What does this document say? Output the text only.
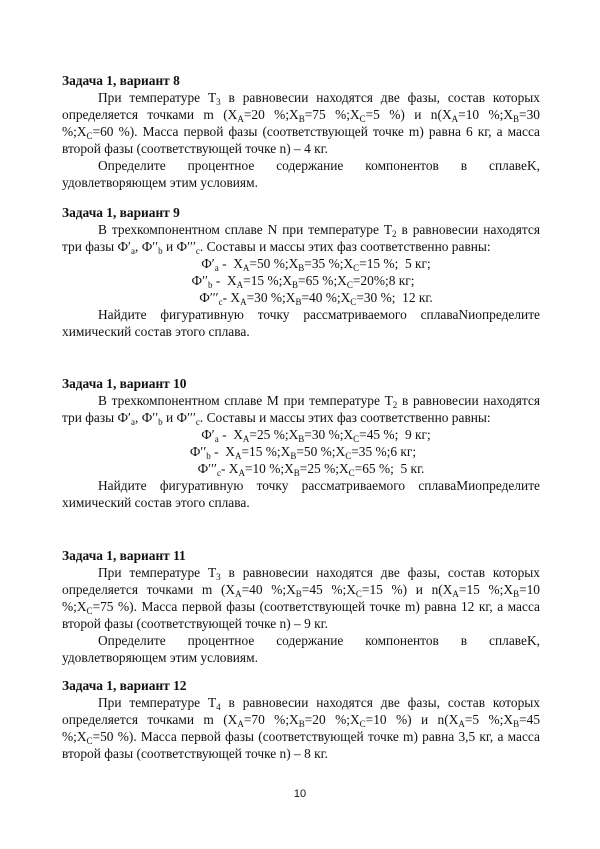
Задача 1, вариант 8

При температуре $T_3$ в равновесии находятся две фазы, состав которых определяется точками m ($X_A=20$ $\%;X_B=75$ $\%;X_C=5$ %) и $n(X_A=10$ $\%;X_B=30$ $\%;X_C=60$ %). Масса первой фазы (соответствующей точке m) равна 6 кг, а масса второй фазы (соответствующей точке n) – 4 кг.

Определите процентное содержание компонентов в сплавеK, удовлетворяющем этим условиям.

Задача 1, вариант 9

В трехкомпонентном сплаве N при температуре $T_2$ в равновесии находятся три фазы $Ф'_a$, $Ф''_b$ и $Ф'''_c$. Составы и массы этих фаз соответственно равны:

$Ф'_a - X_A=50$ $\%;X_B=35$ $\%;X_C=15$ %;  5 кг;

$Ф''_b - X_A=15$ $\%;X_B=65$ $\%;X_C=20\%;8$ кг;

$Ф'''_c-$ $X_A=30$ $\%;X_B=40$ $\%;X_C=30$ %;  12 кг.

Найдите фигуративную точку рассматриваемого сплаваNиопределите химический состав этого сплава.

Задача 1, вариант 10

В трехкомпонентном сплаве M при температуре $T_2$ в равновесии находятся три фазы $Ф'_a$, $Ф''_b$ и $Ф'''_c$. Составы и массы этих фаз соответственно равны:

$Ф'_a - X_A=25$ $\%;X_B=30$ $\%;X_C=45$ %;  9 кг;

$Ф''_b - X_A=15$ $\%;X_B=50$ $\%;X_C=35$ %;6 кг;

$Ф'''_c-$ $X_A=10$ $\%;X_B=25$ $\%;X_C=65$ %;  5 кг.

Найдите фигуративную точку рассматриваемого сплаваMиопределите химический состав этого сплава.

Задача 1, вариант 11

При температуре $T_3$ в равновесии находятся две фазы, состав которых определяется точками m ($X_A=40$ $\%;X_B=45$ $\%;X_C=15$ %) и $n(X_A=15$ $\%;X_B=10$ $\%;X_C=75$ %). Масса первой фазы (соответствующей точке m) равна 12 кг, а масса второй фазы (соответствующей точке n) – 9 кг.

Определите процентное содержание компонентов в сплавеK, удовлетворяющем этим условиям.

Задача 1, вариант 12

При температуре $T_4$ в равновесии находятся две фазы, состав которых определяется точками m ($X_A=70$ $\%;X_B=20$ $\%;X_C=10$ %) и $n(X_A=5$ $\%;X_B=45$ $\%;X_C=50$ %). Масса первой фазы (соответствующей точке m) равна 3,5 кг, а масса второй фазы (соответствующей точке n) – 8 кг.

10
